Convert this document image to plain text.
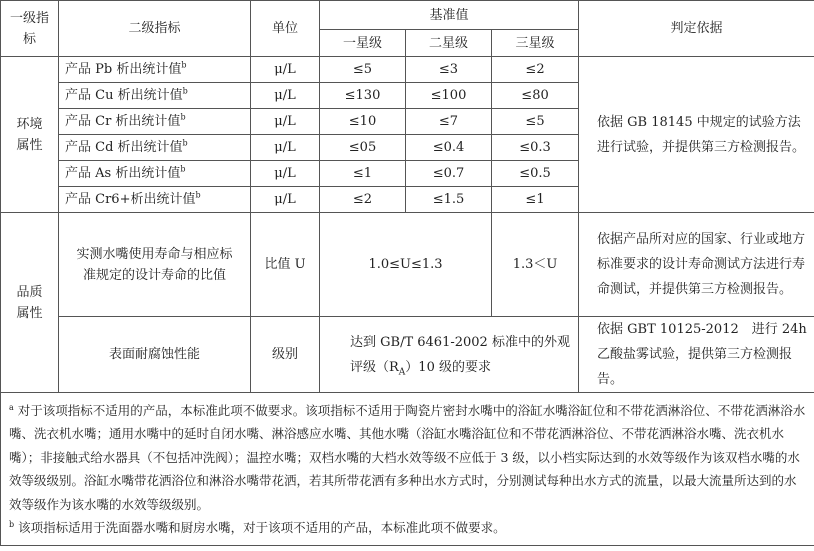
一级指标	二级指标	单位	基准值			判定依据
			一星级	二星级	三星级	
环境属性	产品 Pb 析出统计值$^b$	μ/L	≤5	≤3	≤2	依据 GB 18145 中规定的试验方法进行试验，并提供第三方检测报告。
	产品 Cu 析出统计值$^b$	μ/L	≤130	≤100	≤80	
	产品 Cr 析出统计值$^b$	μ/L	≤10	≤7	≤5	
	产品 Cd 析出统计值$^b$	μ/L	≤05	≤0.4	≤0.3	
	产品 As 析出统计值$^b$	μ/L	≤1	≤0.7	≤0.5	
	产品 Cr6+析出统计值$^b$	μ/L	≤2	≤1.5	≤1	
品质属性	实测水嘴使用寿命与相应标准规定的设计寿命的比值	比值 U	1.0≤U≤1.3		1.3＜U	依据产品所对应的国家、行业或地方标准要求的设计寿命测试方法进行寿命测试，并提供第三方检测报告。
	表面耐腐蚀性能	级别	达到 GB/T 6461-2002 标准中的外观评级$(R_A)10$ 级的要求			依据 GBT 10125-2012　进行 24h 乙酸盐雾试验，提供第三方检测报告。

$^a$ 对于该项指标不适用的产品，本标准此项不做要求。该项指标不适用于陶瓷片密封水嘴中的浴缸水嘴浴缸位和不带花洒淋浴位、不带花洒淋浴水嘴、洗衣机水嘴；通用水嘴中的延时自闭水嘴、淋浴感应水嘴、其他水嘴（浴缸水嘴浴缸位和不带花洒淋浴位、不带花洒淋浴水嘴、洗衣机水嘴）；非接触式给水器具（不包括冲洗阀）；温控水嘴；双档水嘴的大档水效等级不应低于 3 级，以小档实际达到的水效等级作为该双档水嘴的水效等级级别。浴缸水嘴带花洒浴位和淋浴水嘴带花洒，若其所带花洒有多种出水方式时，分别测试每种出水方式的流量，以最大流量所达到的水效等级作为该水嘴的水效等级级别。
$^b$ 该项指标适用于洗面器水嘴和厨房水嘴，对于该项不适用的产品，本标准此项不做要求。						
